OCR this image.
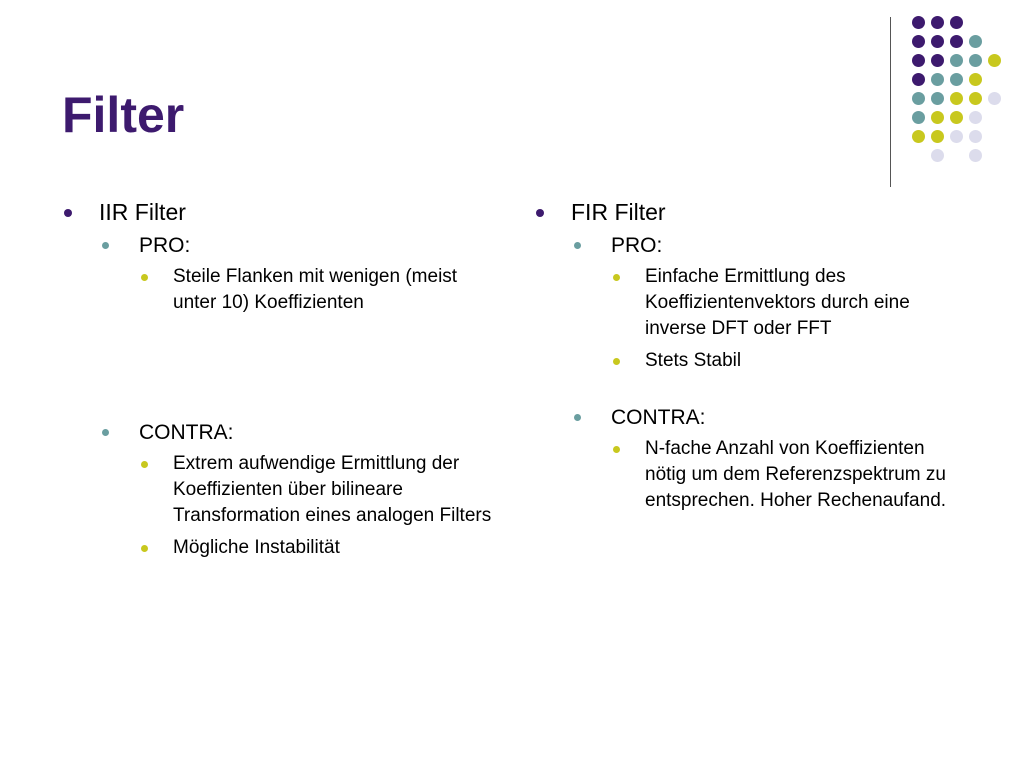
Filter
IIR Filter
PRO:
Steile Flanken mit wenigen (meist unter 10) Koeffizienten
CONTRA:
Extrem aufwendige Ermittlung der Koeffizienten über bilineare Transformation eines analogen Filters
Mögliche Instabilität
FIR Filter
PRO:
Einfache Ermittlung des Koeffizientenvektors durch eine inverse DFT oder FFT
Stets Stabil
CONTRA:
N-fache Anzahl von Koeffizienten nötig um dem Referenzspektrum zu entsprechen. Hoher Rechenaufand.
